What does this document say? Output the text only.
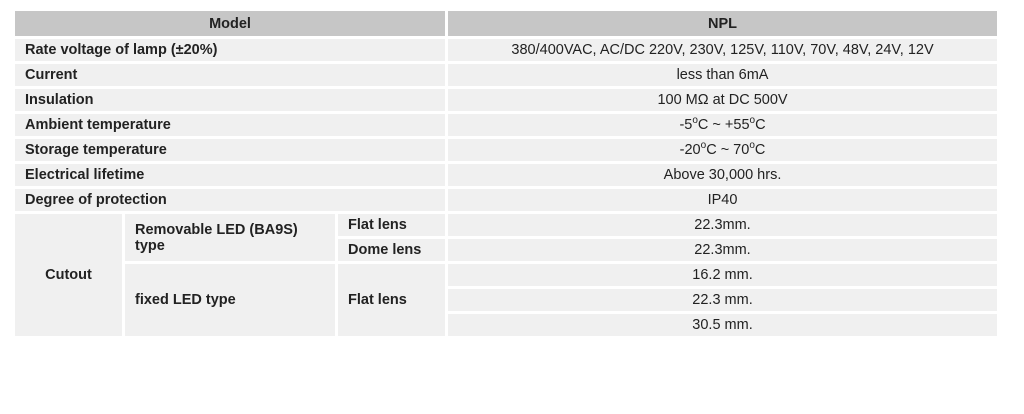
Model			NPL
Rate voltage of lamp (±20%)			380/400VAC, AC/DC 220V, 230V, 125V, 110V, 70V, 48V, 24V, 12V
Current			less than 6mA
Insulation			100 MΩ at DC 500V
Ambient temperature			-5$^o$C ~ $+55^oC$
Storage temperature			-20$^o$C ~ 70$^o$C
Electrical lifetime			Above 30,000 hrs.
Degree of protection			IP40
Cutout	Removable LED (BA9S) type	Flat lens	22.3mm.
		Dome lens	22.3mm.
	fixed LED type	Flat lens	16.2 mm.
			22.3 mm.
			30.5 mm.
